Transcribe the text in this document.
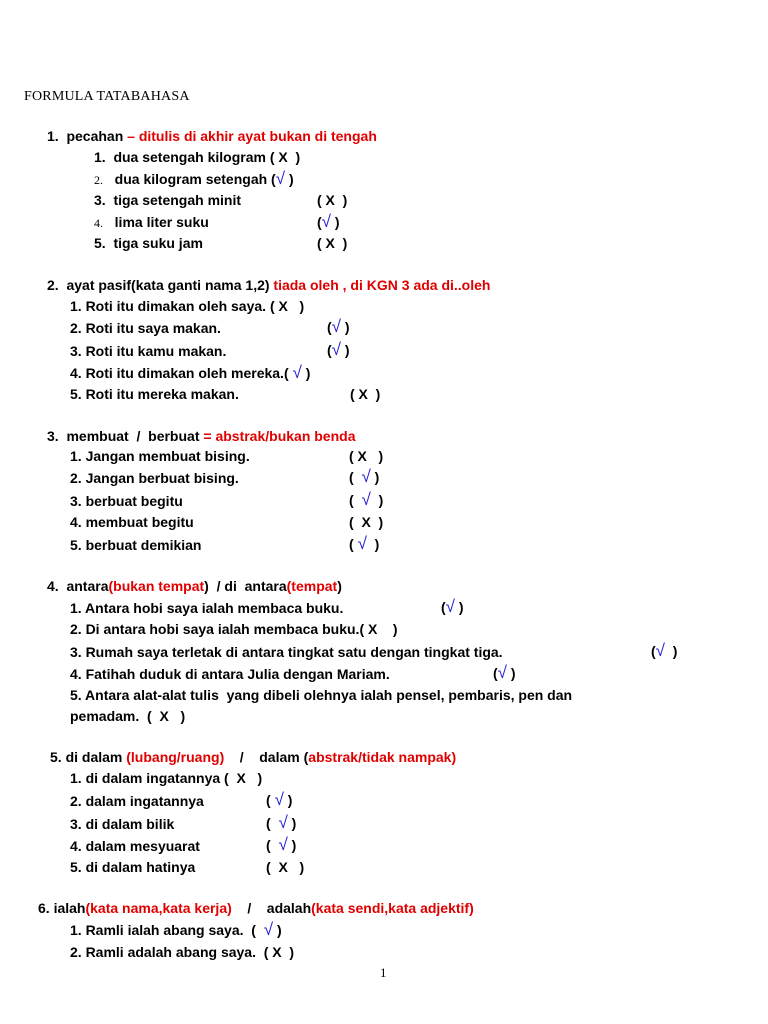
FORMULA TATABAHASA
1.  pecahan – ditulis di akhir ayat bukan di tengah
1.  dua setengah kilogram ( X  )
2. dua kilogram setengah (√ )
3.  tiga setengah minit	( X  )
4. lima liter suku	(√ )
5.  tiga suku jam	( X  )
2.  ayat pasif(kata ganti nama 1,2) tiada oleh , di KGN 3 ada di..oleh
1. Roti itu dimakan oleh saya. ( X   )
2. Roti itu saya makan.	(√ )
3. Roti itu kamu makan.	(√ )
4. Roti itu dimakan oleh mereka.( √ )
5. Roti itu mereka makan.	( X  )
3.  membuat  /  berbuat = abstrak/bukan benda
1. Jangan membuat bising.	( X   )
2. Jangan berbuat bising.	(  √ )
3. berbuat begitu	(  √  )
4. membuat begitu	(  X  )
5. berbuat demikian	( √  )
4.  antara(bukan tempat)  / di  antara(tempat)
1. Antara hobi saya ialah membaca buku.	(√ )
2. Di antara hobi saya ialah membaca buku.( X    )
3. Rumah saya terletak di antara tingkat satu dengan tingkat tiga.	(√  )
4. Fatihah duduk di antara Julia dengan Mariam.	(√ )
5. Antara alat-alat tulis  yang dibeli olehnya ialah pensel, pembaris, pen dan
pemadam.  (  X   )
5. di dalam (lubang/ruang)    /    dalam (abstrak/tidak nampak)
1. di dalam ingatannya (  X   )
2. dalam ingatannya	( √ )
3. di dalam bilik	(  √ )
4. dalam mesyuarat	(  √ )
5. di dalam hatinya	(  X   )
6. ialah(kata nama,kata kerja)    /    adalah(kata sendi,kata adjektif)
1. Ramli ialah abang saya.  (  √ )
2. Ramli adalah abang saya.  ( X  )
1
